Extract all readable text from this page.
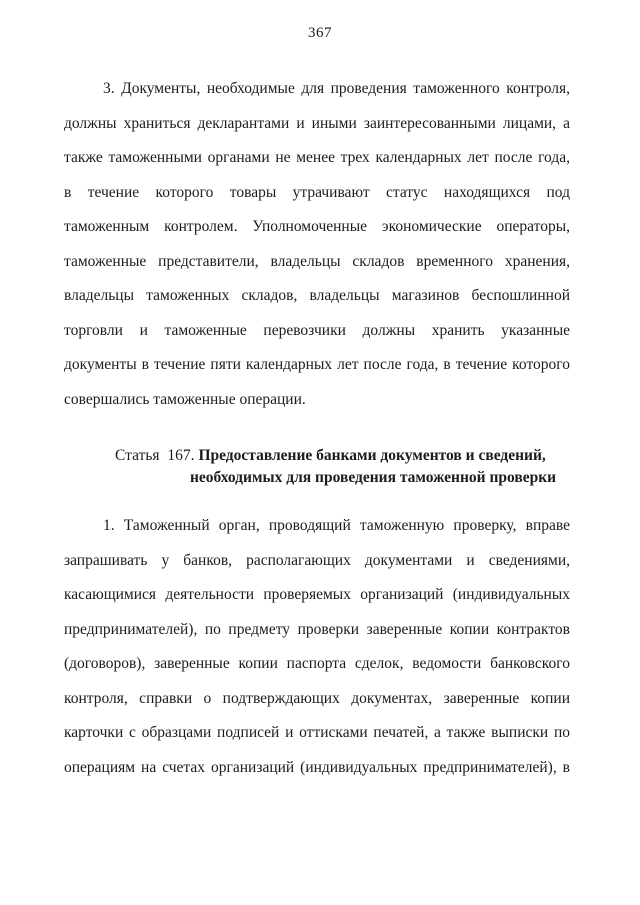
367
3. Документы, необходимые для проведения таможенного контроля,
должны храниться декларантами и иными заинтересованными лицами, а
также таможенными органами не менее трех календарных лет после года,
в течение которого товары утрачивают статус находящихся под
таможенным контролем. Уполномоченные экономические операторы,
таможенные представители, владельцы складов временного хранения,
владельцы таможенных складов, владельцы магазинов беспошлинной
торговли и таможенные перевозчики должны хранить указанные
документы в течение пяти календарных лет после года, в течение которого
совершались таможенные операции.
Статья 167. Предоставление банками документов и сведений,
необходимых для проведения таможенной проверки
1. Таможенный орган, проводящий таможенную проверку, вправе
запрашивать у банков, располагающих документами и сведениями,
касающимися деятельности проверяемых организаций (индивидуальных
предпринимателей), по предмету проверки заверенные копии контрактов
(договоров), заверенные копии паспорта сделок, ведомости банковского
контроля, справки о подтверждающих документах, заверенные копии
карточки с образцами подписей и оттисками печатей, а также выписки по
операциям на счетах организаций (индивидуальных предпринимателей), в
